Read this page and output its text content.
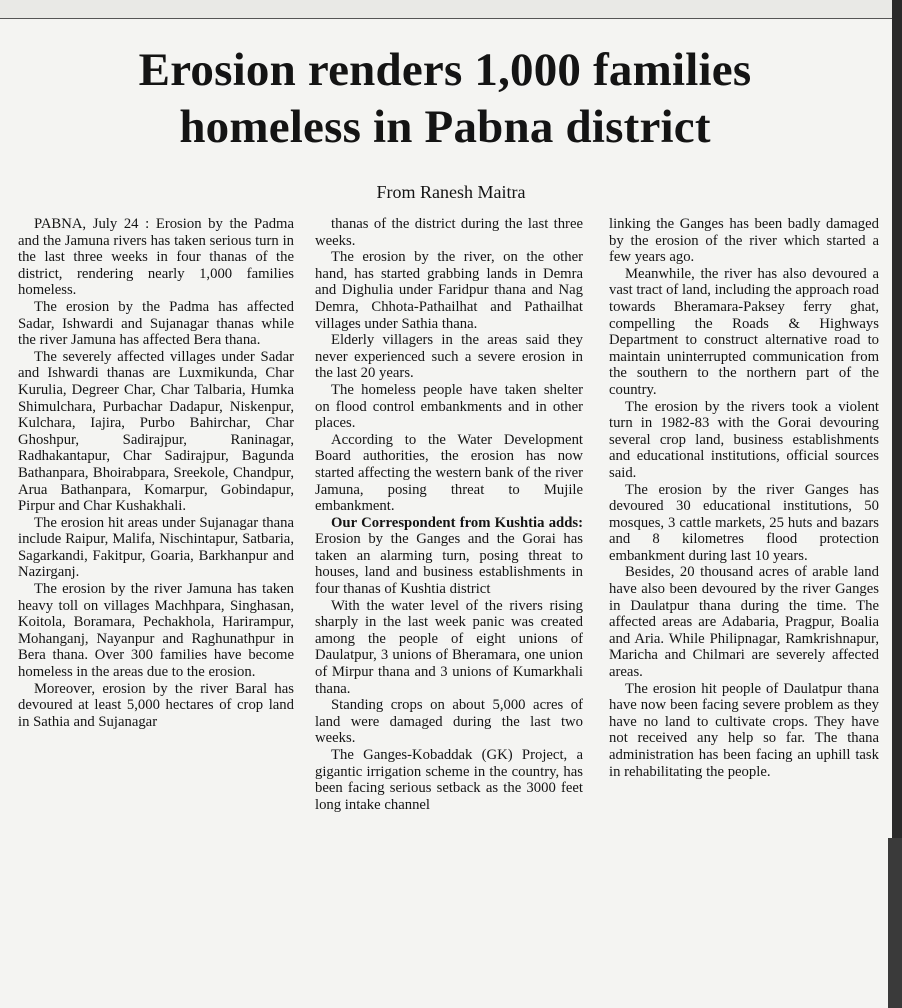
Erosion renders 1,000 families
homeless in Pabna district
From Ranesh Maitra

PABNA, July 24 : Erosion by the Padma and the Jamuna rivers has taken serious turn in the last three weeks in four thanas of the district, rendering nearly 1,000 families homeless.

The erosion by the Padma has affected Sadar, Ishwardi and Sujanagar thanas while the river Jamuna has affected Bera thana.

The severely affected villages under Sadar and Ishwardi thanas are Luxmikunda, Char Kurulia, Degreer Char, Char Talbaria, Humka Shimulchara, Purbachar Dadapur, Niskenpur, Kulchara, Iajira, Purbo Bahirchar, Char Ghoshpur, Sadirajpur, Raninagar, Radhakantapur, Char Sadirajpur, Bagunda Bathanpara, Bhoirabpara, Sreekole, Chandpur, Arua Bathanpara, Komarpur, Gobindapur, Pirpur and Char Kushakhali.

The erosion hit areas under Sujanagar thana include Raipur, Malifa, Nischintapur, Satbaria, Sagarkandi, Fakitpur, Goaria, Barkhanpur and Nazirganj.

The erosion by the river Jamuna has taken heavy toll on villages Machhpara, Singhasan, Koitola, Boramara, Pechakhola, Harirampur, Mohanganj, Nayanpur and Raghunathpur in Bera thana. Over 300 families have become homeless in the areas due to the erosion.

Moreover, erosion by the river Baral has devoured at least 5,000 hectares of crop land in Sathia and Sujanagar

thanas of the district during the last three weeks.

The erosion by the river, on the other hand, has started grabbing lands in Demra and Dighulia under Faridpur thana and Nag Demra, Chhota-Pathailhat and Pathailhat villages under Sathia thana.

Elderly villagers in the areas said they never experienced such a severe erosion in the last 20 years.

The homeless people have taken shelter on flood control embankments and in other places.

According to the Water Development Board authorities, the erosion has now started affecting the western bank of the river Jamuna, posing threat to Mujile embankment.

Our Correspondent from Kushtia adds: Erosion by the Ganges and the Gorai has taken an alarming turn, posing threat to houses, land and business establishments in four thanas of Kushtia district

With the water level of the rivers rising sharply in the last week panic was created among the people of eight unions of Daulatpur, 3 unions of Bheramara, one union of Mirpur thana and 3 unions of Kumarkhali thana.

Standing crops on about 5,000 acres of land were damaged during the last two weeks.

The Ganges-Kobaddak (GK) Project, a gigantic irrigation scheme in the country, has been facing serious setback as the 3000 feet long intake channel

linking the Ganges has been badly damaged by the erosion of the river which started a few years ago.

Meanwhile, the river has also devoured a vast tract of land, including the approach road towards Bheramara-Paksey ferry ghat, compelling the Roads & Highways Department to construct alternative road to maintain uninterrupted communication from the southern to the northern part of the country.

The erosion by the rivers took a violent turn in 1982-83 with the Gorai devouring several crop land, business establishments and educational institutions, official sources said.

The erosion by the river Ganges has devoured 30 educational institutions, 50 mosques, 3 cattle markets, 25 huts and bazars and 8 kilometres flood protection embankment during last 10 years.

Besides, 20 thousand acres of arable land have also been devoured by the river Ganges in Daulatpur thana during the time. The affected areas are Adabaria, Pragpur, Boalia and Aria. While Philipnagar, Ramkrishnapur, Maricha and Chilmari are severely affected areas.

The erosion hit people of Daulatpur thana have now been facing severe problem as they have no land to cultivate crops. They have not received any help so far. The thana administration has been facing an uphill task in rehabilitating the people.
